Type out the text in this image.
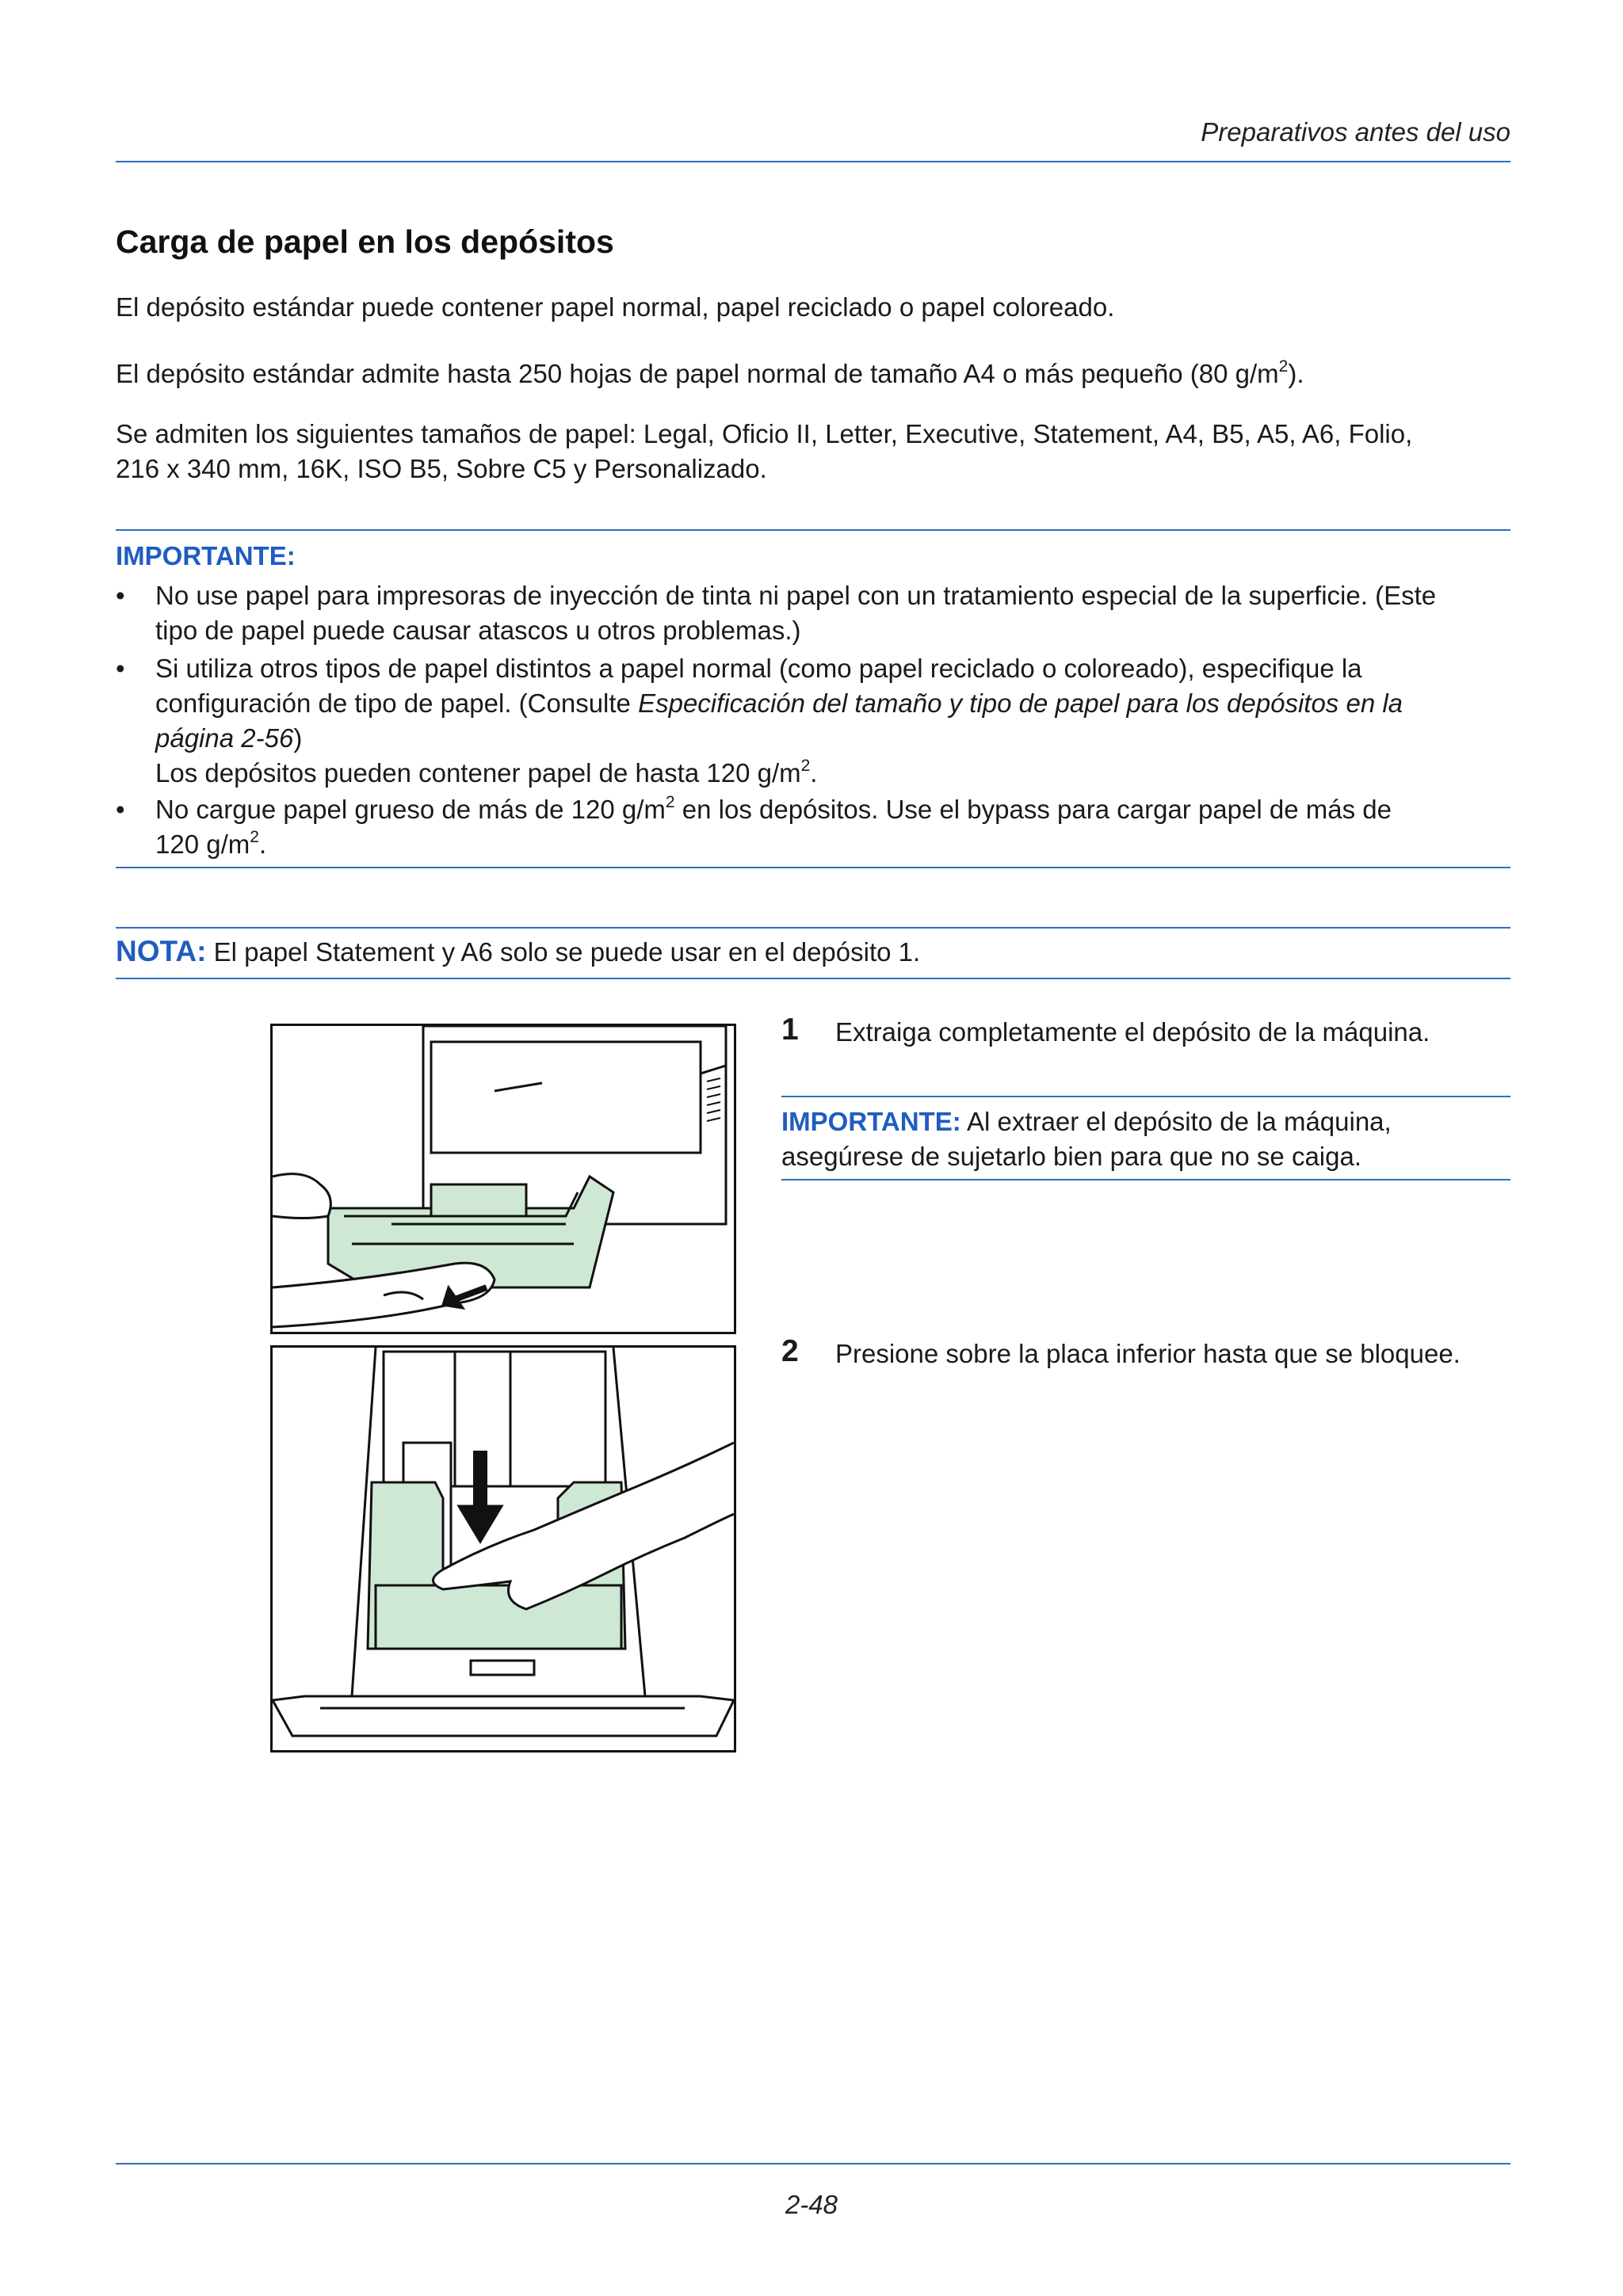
Preparativos antes del uso
Carga de papel en los depósitos
El depósito estándar puede contener papel normal, papel reciclado o papel coloreado.
El depósito estándar admite hasta 250 hojas de papel normal de tamaño A4 o más pequeño (80 $g/m^2$).
Se admiten los siguientes tamaños de papel: Legal, Oficio II, Letter, Executive, Statement, A4, B5, A5, A6, Folio,
216 x 340 mm, 16K, ISO B5, Sobre C5 y Personalizado.
IMPORTANTE:
• No use papel para impresoras de inyección de tinta ni papel con un tratamiento especial de la superficie. (Este
tipo de papel puede causar atascos u otros problemas.)
• Si utiliza otros tipos de papel distintos a papel normal (como papel reciclado o coloreado), especifique la
configuración de tipo de papel. (Consulte Especificación del tamaño y tipo de papel para los depósitos en la
página 2-56)
Los depósitos pueden contener papel de hasta 120 $g/m^2$.
• No cargue papel grueso de más de 120 $g/m^2$ en los depósitos. Use el bypass para cargar papel de más de
120 $g/m^2$.
NOTA: El papel Statement y A6 solo se puede usar en el depósito 1.
1 Extraiga completamente el depósito de la máquina.
IMPORTANTE: Al extraer el depósito de la máquina,
asegúrese de sujetarlo bien para que no se caiga.
2 Presione sobre la placa inferior hasta que se bloquee.
2-48
